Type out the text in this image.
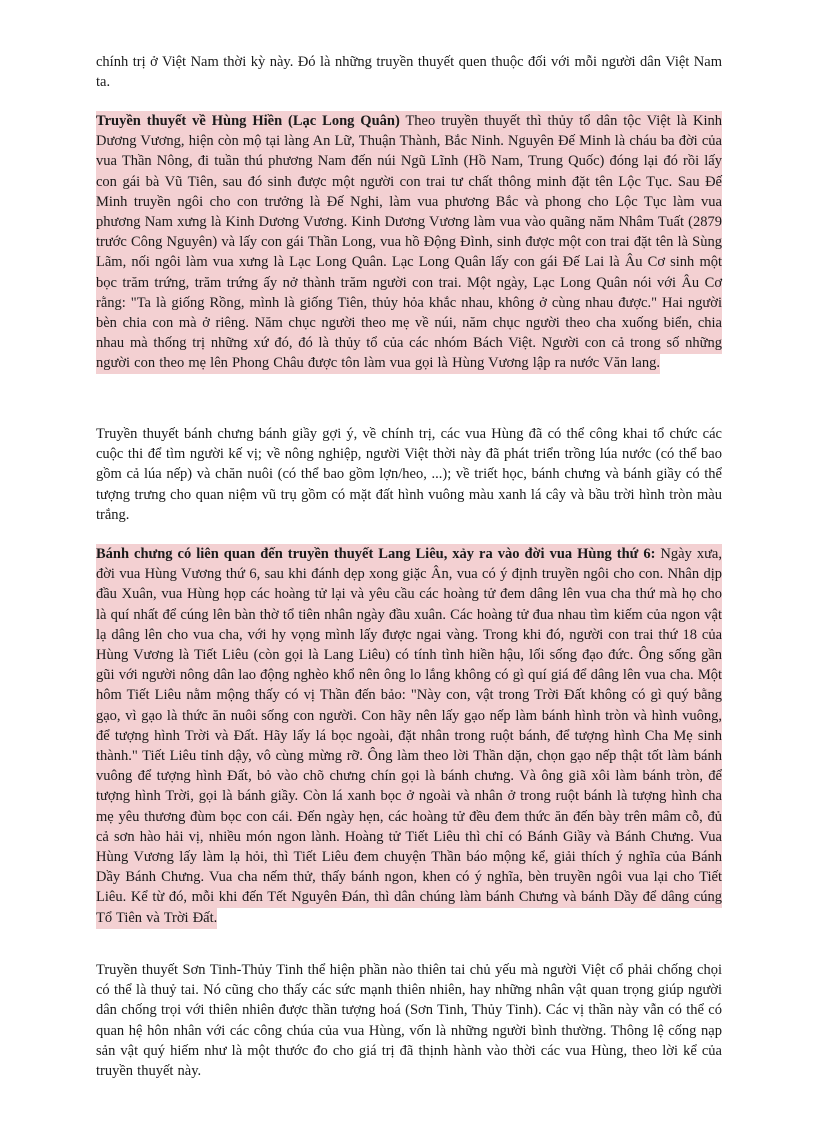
chính trị ở Việt Nam thời kỳ này. Đó là những truyền thuyết quen thuộc đối với mỗi người dân Việt Nam ta.

Truyền thuyết về Hùng Hiền (Lạc Long Quân) Theo truyền thuyết thì thủy tổ dân tộc Việt là Kinh Dương Vương, hiện còn mộ tại làng An Lữ, Thuận Thành, Bắc Ninh. Nguyên Đế Minh là cháu ba đời của vua Thần Nông, đi tuần thú phương Nam đến núi Ngũ Lĩnh (Hồ Nam, Trung Quốc) đóng lại đó rồi lấy con gái bà Vũ Tiên, sau đó sinh được một người con trai tư chất thông minh đặt tên Lộc Tục. Sau Đế Minh truyền ngôi cho con trưởng là Đế Nghi, làm vua phương Bắc và phong cho Lộc Tục làm vua phương Nam xưng là Kinh Dương Vương. Kinh Dương Vương làm vua vào quãng năm Nhâm Tuất (2879 trước Công Nguyên) và lấy con gái Thần Long, vua hồ Động Đình, sinh được một con trai đặt tên là Sùng Lãm, nối ngôi làm vua xưng là Lạc Long Quân. Lạc Long Quân lấy con gái Đế Lai là Âu Cơ sinh một bọc trăm trứng, trăm trứng ấy nở thành trăm người con trai. Một ngày, Lạc Long Quân nói với Âu Cơ rằng: "Ta là giống Rồng, mình là giống Tiên, thủy hỏa khắc nhau, không ở cùng nhau được." Hai người bèn chia con mà ở riêng. Năm chục người theo mẹ về núi, năm chục người theo cha xuống biển, chia nhau mà thống trị những xứ đó, đó là thủy tổ của các nhóm Bách Việt. Người con cả trong số những người con theo mẹ lên Phong Châu được tôn làm vua gọi là Hùng Vương lập ra nước Văn lang.

Truyền thuyết bánh chưng bánh giầy gợi ý, về chính trị, các vua Hùng đã có thể công khai tổ chức các cuộc thi để tìm người kế vị; về nông nghiệp, người Việt thời này đã phát triển trồng lúa nước (có thể bao gồm cả lúa nếp) và chăn nuôi (có thể bao gồm lợn/heo, ...); về triết học, bánh chưng và bánh giầy có thể tượng trưng cho quan niệm vũ trụ gồm có mặt đất hình vuông màu xanh lá cây và bầu trời hình tròn màu trắng.

Bánh chưng có liên quan đến truyền thuyết Lang Liêu, xảy ra vào đời vua Hùng thứ 6: Ngày xưa, đời vua Hùng Vương thứ 6, sau khi đánh dẹp xong giặc Ân, vua có ý định truyền ngôi cho con. Nhân dịp đầu Xuân, vua Hùng họp các hoàng tử lại và yêu cầu các hoàng tử đem dâng lên vua cha thứ mà họ cho là quí nhất để cúng lên bàn thờ tổ tiên nhân ngày đầu xuân. Các hoàng tử đua nhau tìm kiếm của ngon vật lạ dâng lên cho vua cha, với hy vọng mình lấy được ngai vàng. Trong khi đó, người con trai thứ 18 của Hùng Vương là Tiết Liêu (còn gọi là Lang Liêu) có tính tình hiền hậu, lối sống đạo đức. Ông sống gần gũi với người nông dân lao động nghèo khổ nên ông lo lắng không có gì quí giá để dâng lên vua cha. Một hôm Tiết Liêu nằm mộng thấy có vị Thần đến bảo: "Này con, vật trong Trời Đất không có gì quý bằng gạo, vì gạo là thức ăn nuôi sống con người. Con hãy nên lấy gạo nếp làm bánh hình tròn và hình vuông, để tượng hình Trời và Đất. Hãy lấy lá bọc ngoài, đặt nhân trong ruột bánh, để tượng hình Cha Mẹ sinh thành." Tiết Liêu tỉnh dậy, vô cùng mừng rỡ. Ông làm theo lời Thần dặn, chọn gạo nếp thật tốt làm bánh vuông để tượng hình Đất, bỏ vào chõ chưng chín gọi là bánh chưng. Và ông giã xôi làm bánh tròn, để tượng hình Trời, gọi là bánh giầy. Còn lá xanh bọc ở ngoài và nhân ở trong ruột bánh là tượng hình cha mẹ yêu thương đùm bọc con cái. Đến ngày hẹn, các hoàng tử đều đem thức ăn đến bày trên mâm cỗ, đủ cả sơn hào hải vị, nhiều món ngon lành. Hoàng tử Tiết Liêu thì chỉ có Bánh Giầy và Bánh Chưng. Vua Hùng Vương lấy làm lạ hỏi, thì Tiết Liêu đem chuyện Thần báo mộng kể, giải thích ý nghĩa của Bánh Dầy Bánh Chưng. Vua cha nếm thử, thấy bánh ngon, khen có ý nghĩa, bèn truyền ngôi vua lại cho Tiết Liêu. Kể từ đó, mỗi khi đến Tết Nguyên Đán, thì dân chúng làm bánh Chưng và bánh Dầy để dâng cúng Tổ Tiên và Trời Đất.

Truyền thuyết Sơn Tinh-Thủy Tinh thể hiện phần nào thiên tai chủ yếu mà người Việt cổ phải chống chọi có thể là thuỷ tai. Nó cũng cho thấy các sức mạnh thiên nhiên, hay những nhân vật quan trọng giúp người dân chống trọi với thiên nhiên được thần tượng hoá (Sơn Tinh, Thủy Tinh). Các vị thần này vẫn có thể có quan hệ hôn nhân với các công chúa của vua Hùng, vốn là những người bình thường. Thông lệ cống nạp sản vật quý hiếm như là một thước đo cho giá trị đã thịnh hành vào thời các vua Hùng, theo lời kể của truyền thuyết này.
